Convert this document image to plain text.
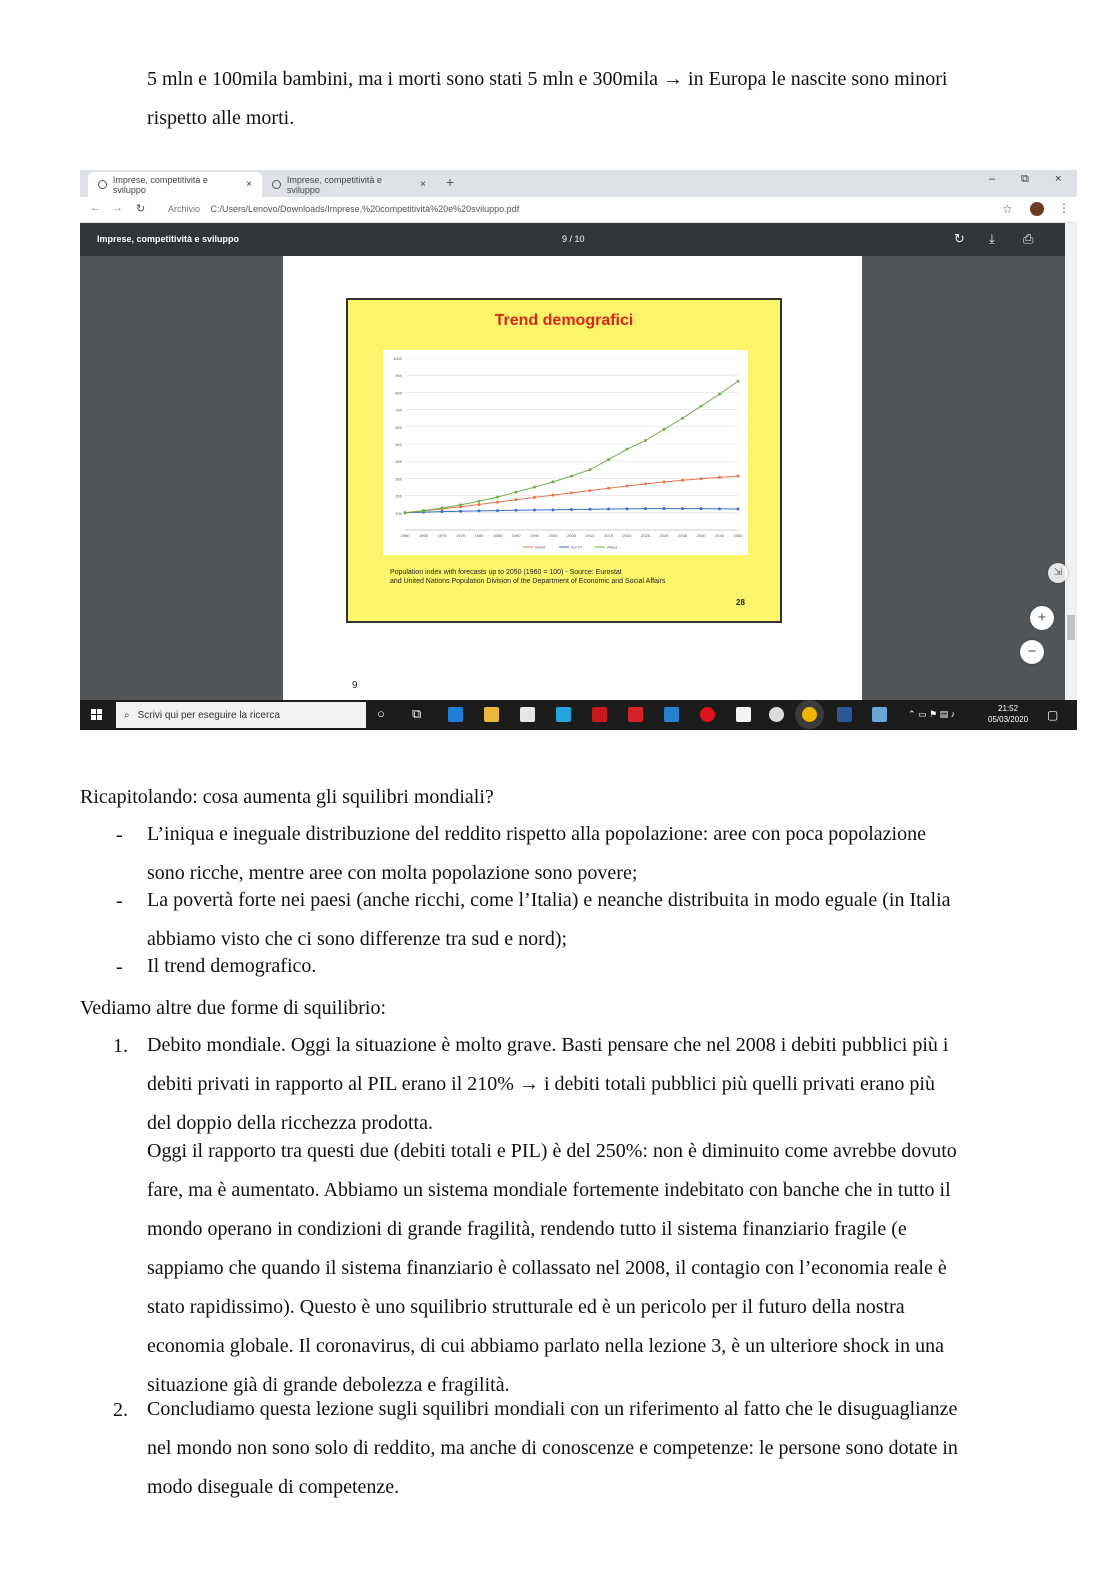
5 mln e 100mila bambini, ma i morti sono stati 5 mln e 300mila → in Europa le nascite sono minori
rispetto alle morti.

Imprese, competitività e sviluppo	×	Imprese, competitività e sviluppo	× +	– ⧉ ×
← → ↻	Archivio C:/Users/Lenovo/Downloads/Imprese,%20competitività%20e%20sviluppo.pdf	☆	⋮
Imprese, competitività e sviluppo	9 / 10	↻ ⤓ ⎙
Trend demografici
100
200
300
400
500
600
700
800
900
1000
1960 1965 1970 1975 1980 1985 1990 1995 2000 2005 2010 2015 2020 2025 2030 2035 2040 2045 2050
World	EU-27	Africa
Population index with forecasts up to 2050 (1960 = 100) - Source: Eurostat
and United Nations Population Division of the Department of Economic and Social Affairs
28
9
⇲
+
−
⌕ Scrivi qui per eseguire la ricerca	○ ⧉	⌃ ▭ ⚑ ▤ ♪
21:52
05/03/2020 ▢
Ricapitolando: cosa aumenta gli squilibri mondiali?
- L’iniqua e ineguale distribuzione del reddito rispetto alla popolazione: aree con poca popolazione
sono ricche, mentre aree con molta popolazione sono povere;
- La povertà forte nei paesi (anche ricchi, come l’Italia) e neanche distribuita in modo eguale (in Italia
abbiamo visto che ci sono differenze tra sud e nord);
- Il trend demografico.
Vediamo altre due forme di squilibrio:
1. Debito mondiale. Oggi la situazione è molto grave. Basti pensare che nel 2008 i debiti pubblici più i
debiti privati in rapporto al PIL erano il 210% → i debiti totali pubblici più quelli privati erano più
del doppio della ricchezza prodotta.
Oggi il rapporto tra questi due (debiti totali e PIL) è del 250%: non è diminuito come avrebbe dovuto
fare, ma è aumentato. Abbiamo un sistema mondiale fortemente indebitato con banche che in tutto il
mondo operano in condizioni di grande fragilità, rendendo tutto il sistema finanziario fragile (e
sappiamo che quando il sistema finanziario è collassato nel 2008, il contagio con l’economia reale è
stato rapidissimo). Questo è uno squilibrio strutturale ed è un pericolo per il futuro della nostra
economia globale. Il coronavirus, di cui abbiamo parlato nella lezione 3, è un ulteriore shock in una
situazione già di grande debolezza e fragilità.
2. Concludiamo questa lezione sugli squilibri mondiali con un riferimento al fatto che le disuguaglianze
nel mondo non sono solo di reddito, ma anche di conoscenze e competenze: le persone sono dotate in
modo diseguale di competenze.
